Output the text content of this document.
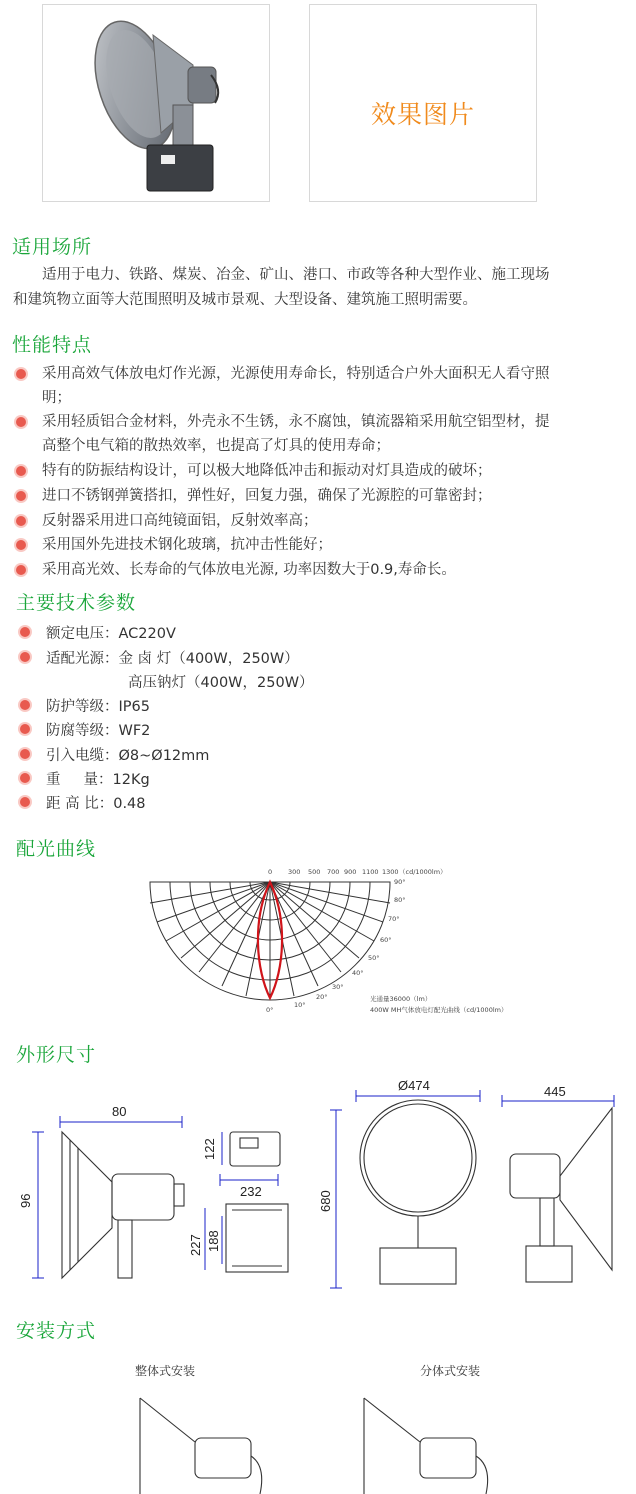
效果图片
适用场所
适用于电力、铁路、煤炭、冶金、矿山、港口、市政等各种大型作业、施工现场
和建筑物立面等大范围照明及城市景观、大型设备、建筑施工照明需要。
性能特点
采用高效气体放电灯作光源，光源使用寿命长，特别适合户外大面积无人看守照
明；
采用轻质铝合金材料，外壳永不生锈，永不腐蚀，镇流器箱采用航空铝型材，提
高整个电气箱的散热效率，也提高了灯具的使用寿命；
特有的防振结构设计，可以极大地降低冲击和振动对灯具造成的破坏；
进口不锈钢弹簧搭扣，弹性好，回复力强，确保了光源腔的可靠密封；
反射器采用进口高纯镜面铝，反射效率高；
采用国外先进技术钢化玻璃，抗冲击性能好；
采用高光效、长寿命的气体放电光源, 功率因数大于0.9,寿命长。
主要技术参数
额定电压：AC220V
适配光源：金 卤 灯（400W，250W）
高压钠灯（400W，250W）
防护等级：IP65
防腐等级：WF2
引入电缆：Ø8~Ø12mm
重     量：12Kg
距 高 比：0.48
配光曲线
0 300 500 700 900 1100 1300 （cd/1000lm）
90°
80°
70°
60°
50°
40°
30°
20°
10°
0°
光通量36000（lm）
400W MH气体放电灯配光曲线（cd/1000lm）
外形尺寸
80
96
122
232
227 188
Ø474
680
445
安装方式
整体式安装	分体式安装
